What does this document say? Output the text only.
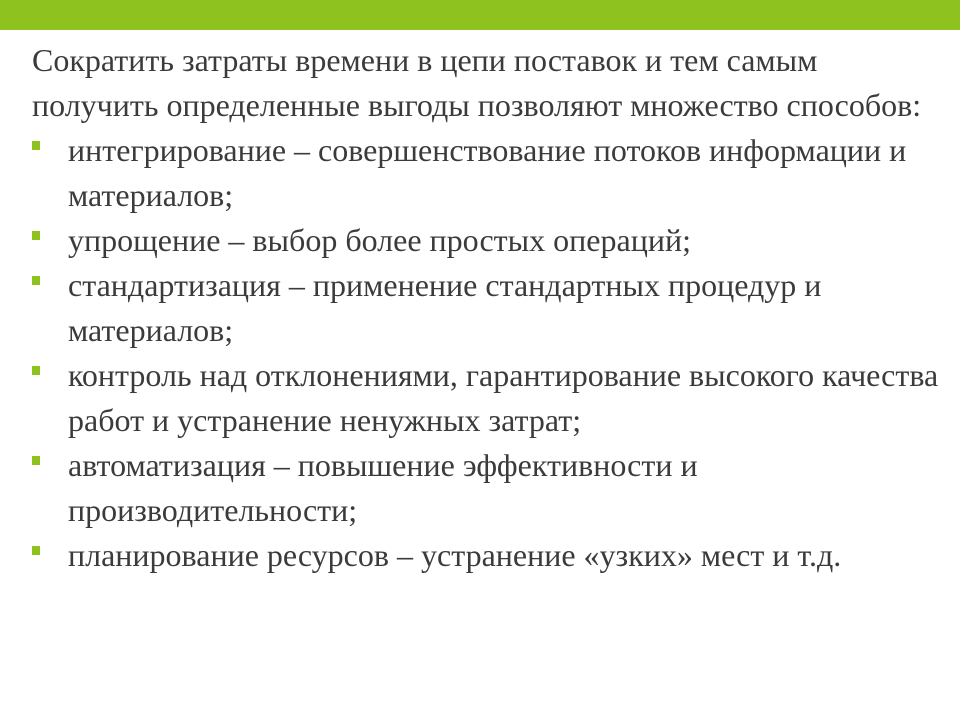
Сократить затраты времени в цепи поставок и тем самым получить определенные выгоды позволяют множество способов:

интегрирование – совершенствование потоков информации и материалов;
упрощение – выбор более простых операций;
стандартизация – применение стандартных процедур и материалов;
контроль над отклонениями, гарантирование высокого качества работ и устранение ненужных затрат;
автоматизация – повышение эффективности и производительности;
планирование ресурсов – устранение «узких» мест и т.д.
